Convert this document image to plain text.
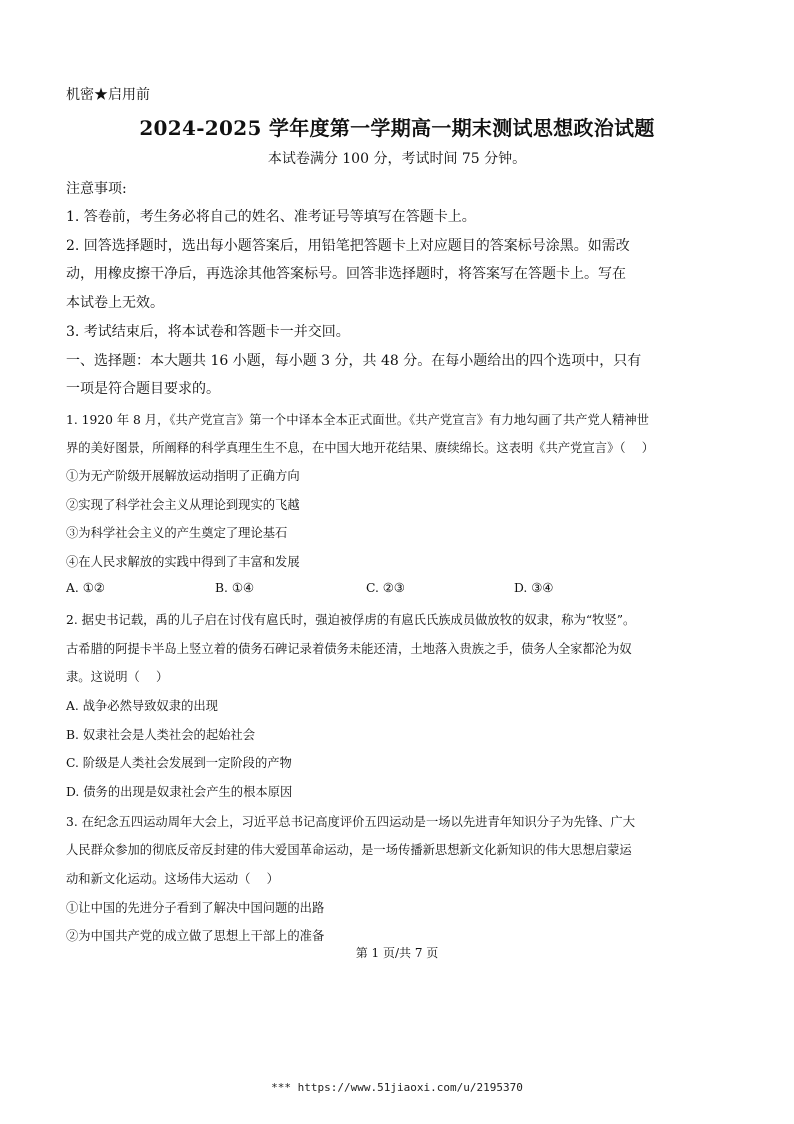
机密★启用前
2024-2025 学年度第一学期高一期末测试思想政治试题
本试卷满分 100 分，考试时间 75 分钟。
注意事项:
1. 答卷前，考生务必将自己的姓名、准考证号等填写在答题卡上。
2. 回答选择题时，选出每小题答案后，用铅笔把答题卡上对应题目的答案标号涂黑。如需改
动，用橡皮擦干净后，再选涂其他答案标号。回答非选择题时，将答案写在答题卡上。写在
本试卷上无效。
3. 考试结束后，将本试卷和答题卡一并交回。
一、选择题：本大题共 16 小题，每小题 3 分，共 48 分。在每小题给出的四个选项中，只有
一项是符合题目要求的。
1. 1920 年 8 月，《共产党宣言》第一个中译本全本正式面世。《共产党宣言》有力地勾画了共产党人精神世
界的美好图景，所阐释的科学真理生生不息，在中国大地开花结果、赓续绵长。这表明《共产党宣言》（　 ）
①为无产阶级开展解放运动指明了正确方向
②实现了科学社会主义从理论到现实的飞越
③为科学社会主义的产生奠定了理论基石
④在人民求解放的实践中得到了丰富和发展
A. ①②	B. ①④	C. ②③	D. ③④
2. 据史书记载，禹的儿子启在讨伐有扈氏时，强迫被俘虏的有扈氏氏族成员做放牧的奴隶，称为“牧竖”。
古希腊的阿提卡半岛上竖立着的债务石碑记录着债务未能还清，土地落入贵族之手，债务人全家都沦为奴
隶。这说明（　 ）
A. 战争必然导致奴隶的出现
B. 奴隶社会是人类社会的起始社会
C. 阶级是人类社会发展到一定阶段的产物
D. 债务的出现是奴隶社会产生的根本原因
3. 在纪念五四运动周年大会上，习近平总书记高度评价五四运动是一场以先进青年知识分子为先锋、广大
人民群众参加的彻底反帝反封建的伟大爱国革命运动，是一场传播新思想新文化新知识的伟大思想启蒙运
动和新文化运动。这场伟大运动（　 ）
①让中国的先进分子看到了解决中国问题的出路
②为中国共产党的成立做了思想上干部上的准备
第 1 页/共 7 页
*** https://www.51jiaoxi.com/u/2195370
